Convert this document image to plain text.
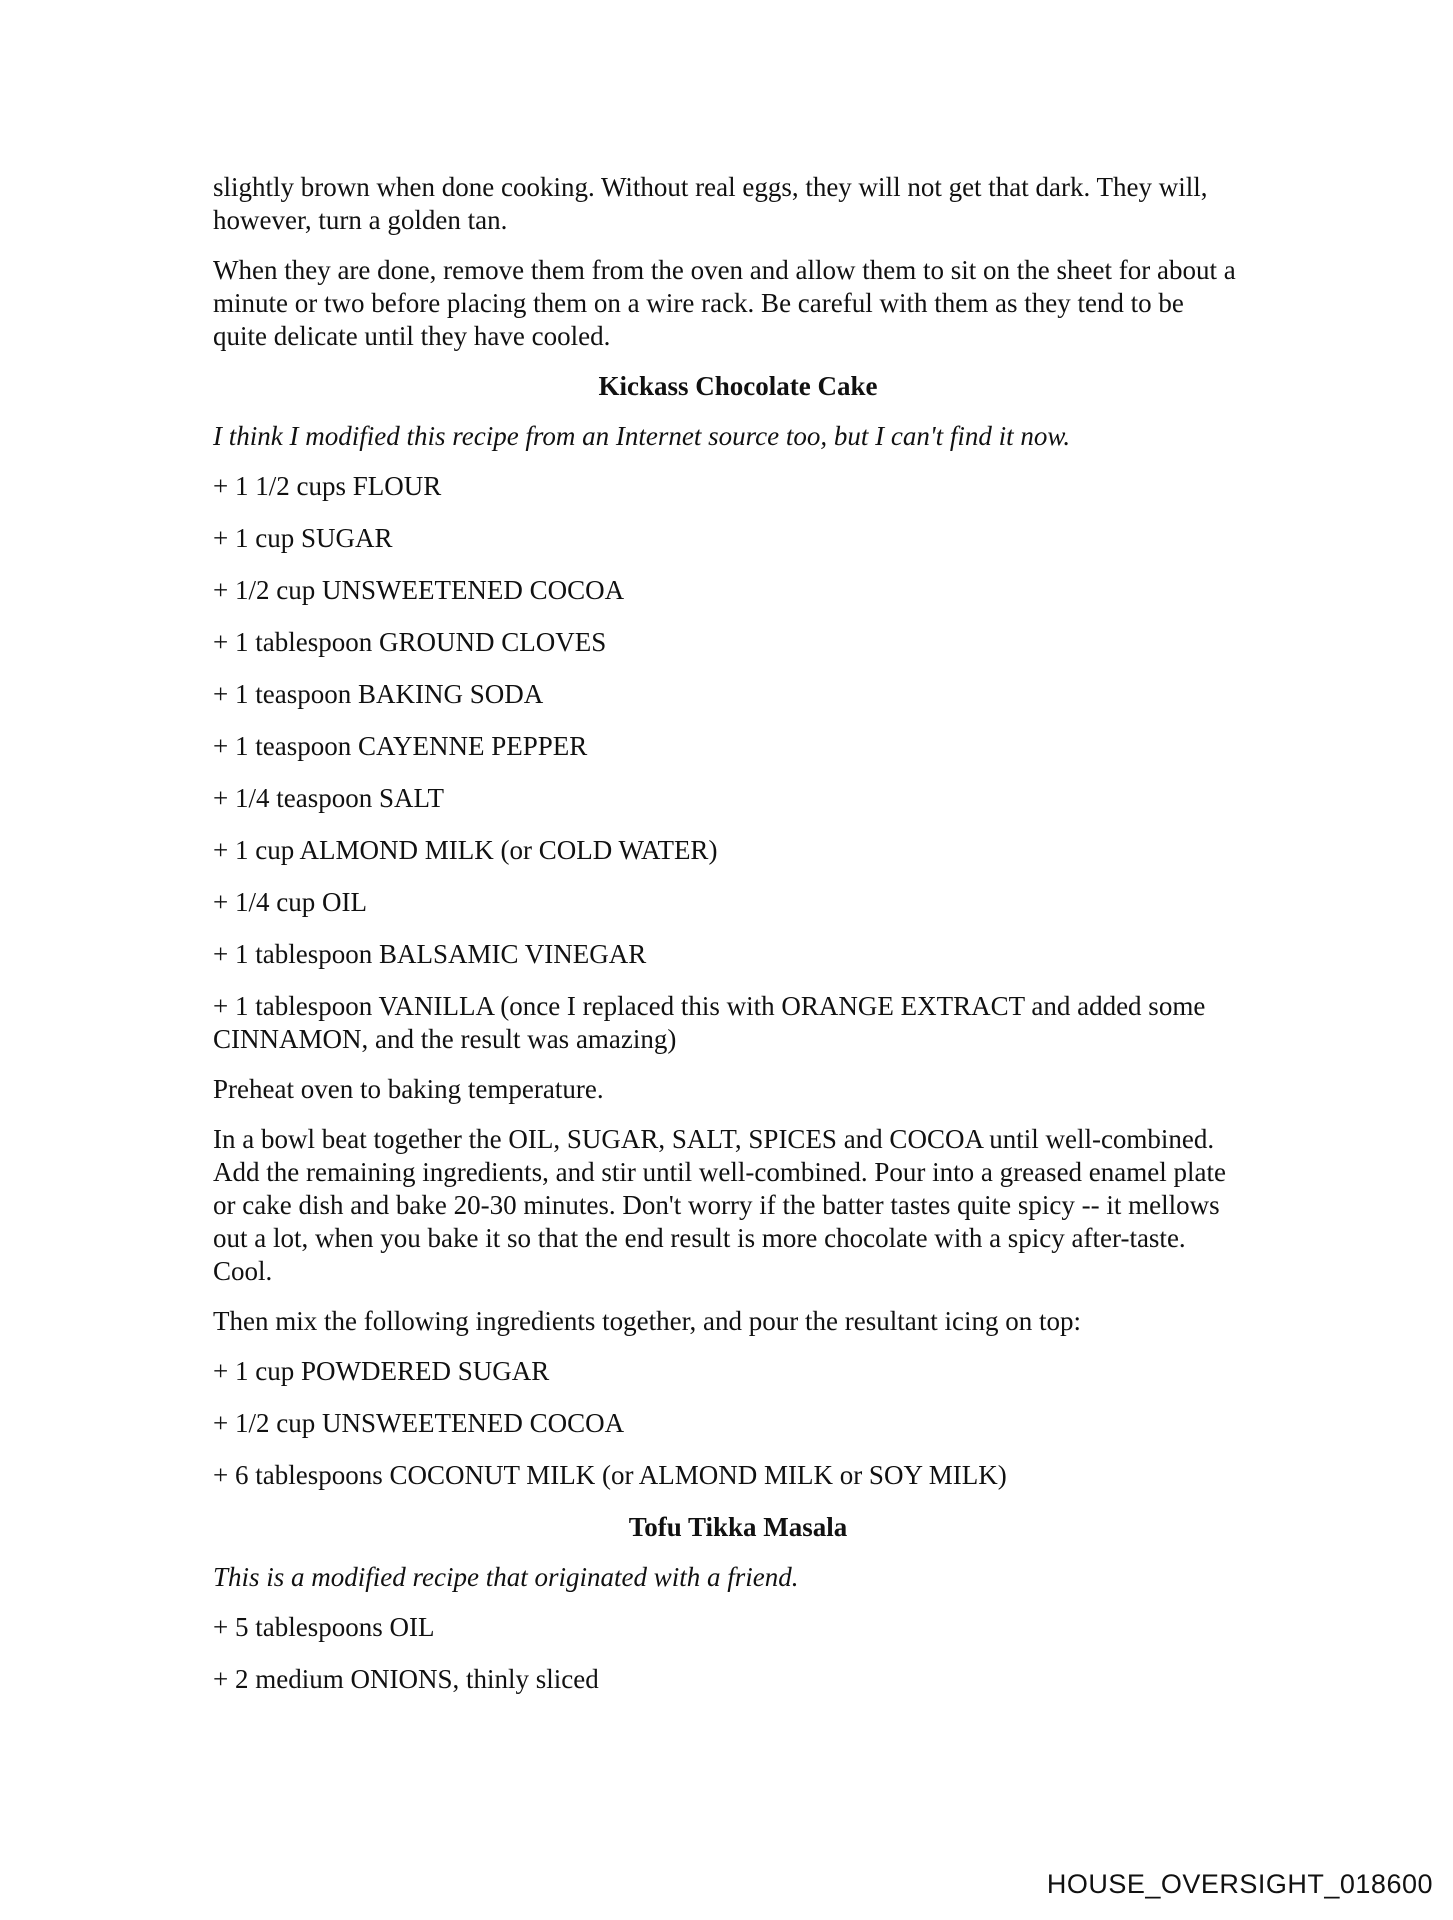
slightly brown when done cooking. Without real eggs, they will not get that dark. They will, however, turn a golden tan.

When they are done, remove them from the oven and allow them to sit on the sheet for about a minute or two before placing them on a wire rack. Be careful with them as they tend to be quite delicate until they have cooled.

Kickass Chocolate Cake

I think I modified this recipe from an Internet source too, but I can't find it now.

+ 1 1/2 cups FLOUR

+ 1 cup SUGAR

+ 1/2 cup UNSWEETENED COCOA

+ 1 tablespoon GROUND CLOVES

+ 1 teaspoon BAKING SODA

+ 1 teaspoon CAYENNE PEPPER

+ 1/4 teaspoon SALT

+ 1 cup ALMOND MILK (or COLD WATER)

+ 1/4 cup OIL

+ 1 tablespoon BALSAMIC VINEGAR

+ 1 tablespoon VANILLA (once I replaced this with ORANGE EXTRACT and added some CINNAMON, and the result was amazing)

Preheat oven to baking temperature.

In a bowl beat together the OIL, SUGAR, SALT, SPICES and COCOA until well-combined. Add the remaining ingredients, and stir until well-combined. Pour into a greased enamel plate or cake dish and bake 20-30 minutes. Don't worry if the batter tastes quite spicy -- it mellows out a lot, when you bake it so that the end result is more chocolate with a spicy after-taste. Cool.

Then mix the following ingredients together, and pour the resultant icing on top:

+ 1 cup POWDERED SUGAR

+ 1/2 cup UNSWEETENED COCOA

+ 6 tablespoons COCONUT MILK (or ALMOND MILK or SOY MILK)

Tofu Tikka Masala

This is a modified recipe that originated with a friend.

+ 5 tablespoons OIL

+ 2 medium ONIONS, thinly sliced

HOUSE_OVERSIGHT_018600
